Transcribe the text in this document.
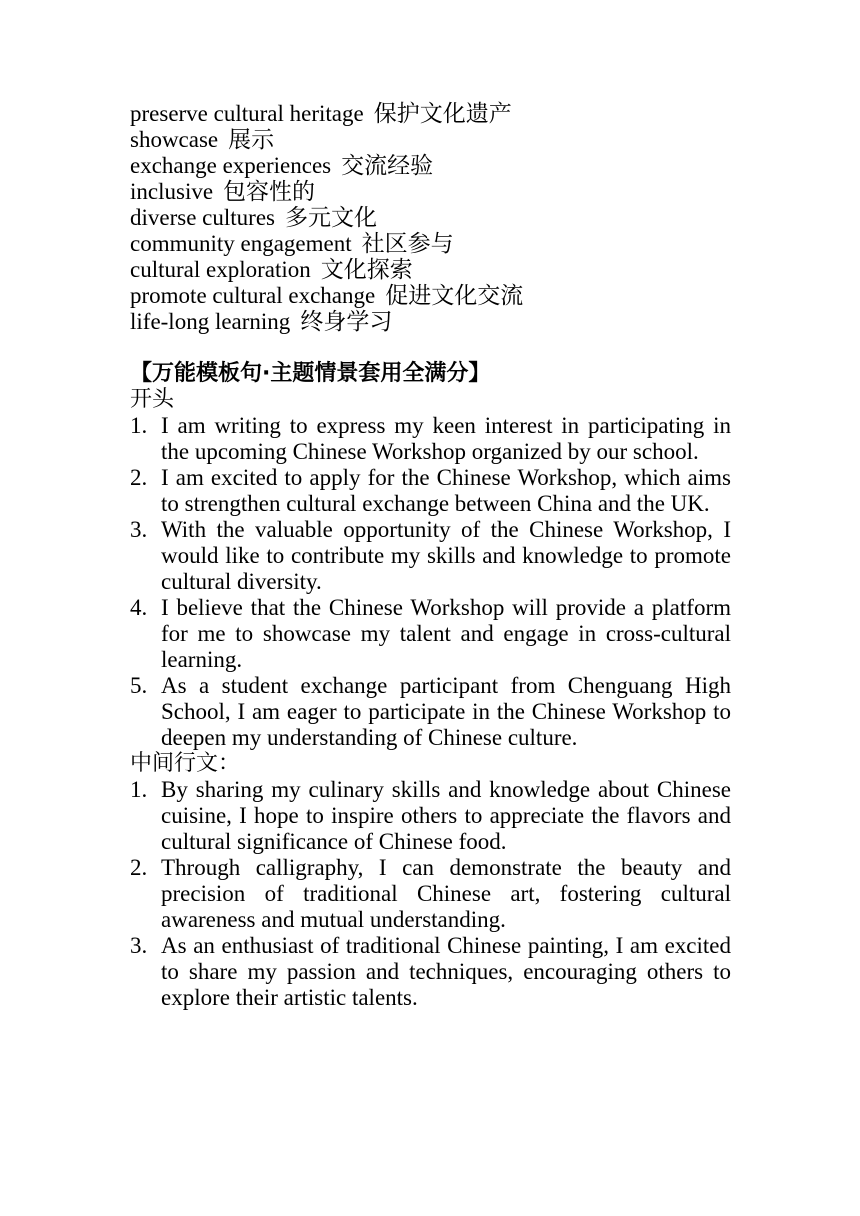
preserve cultural heritage 保护文化遗产
showcase 展示
exchange experiences 交流经验
inclusive 包容性的
diverse cultures 多元文化
community engagement 社区参与
cultural exploration 文化探索
promote cultural exchange 促进文化交流
life-long learning 终身学习
【万能模板句·主题情景套用全满分】
开头
1. I am writing to express my keen interest in participating in the upcoming Chinese Workshop organized by our school.
2. I am excited to apply for the Chinese Workshop, which aims to strengthen cultural exchange between China and the UK.
3. With the valuable opportunity of the Chinese Workshop, I would like to contribute my skills and knowledge to promote cultural diversity.
4. I believe that the Chinese Workshop will provide a platform for me to showcase my talent and engage in cross-cultural learning.
5. As a student exchange participant from Chenguang High School, I am eager to participate in the Chinese Workshop to deepen my understanding of Chinese culture.
中间行文：
1. By sharing my culinary skills and knowledge about Chinese cuisine, I hope to inspire others to appreciate the flavors and cultural significance of Chinese food.
2. Through calligraphy, I can demonstrate the beauty and precision of traditional Chinese art, fostering cultural awareness and mutual understanding.
3. As an enthusiast of traditional Chinese painting, I am excited to share my passion and techniques, encouraging others to explore their artistic talents.
